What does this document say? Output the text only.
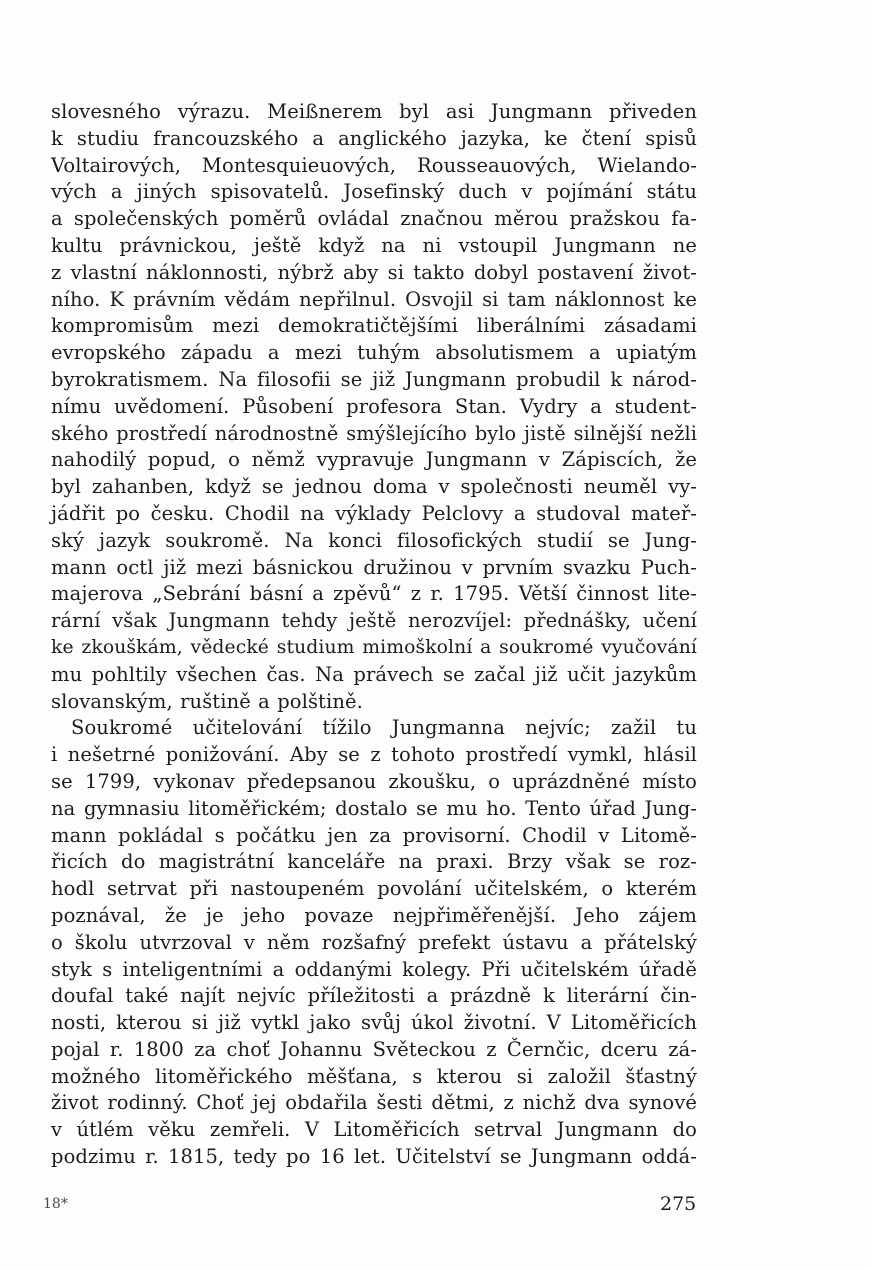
slovesného výrazu. Meißnerem byl asi Jungmann přiveden
k studiu francouzského a anglického jazyka, ke čtení spisů
Voltairových, Montesquieuových, Rousseauových, Wielando-
vých a jiných spisovatelů. Josefinský duch v pojímání státu
a společenských poměrů ovládal značnou měrou pražskou fa-
kultu právnickou, ještě když na ni vstoupil Jungmann ne
z vlastní náklonnosti, nýbrž aby si takto dobyl postavení život-
ního. K právním vědám nepřilnul. Osvojil si tam náklonnost ke
kompromisům mezi demokratičtějšími liberálními zásadami
evropského západu a mezi tuhým absolutismem a upiatým
byrokratismem. Na filosofii se již Jungmann probudil k národ-
nímu uvědomení. Působení profesora Stan. Vydry a student-
ského prostředí národnostně smýšlejícího bylo jistě silnější nežli
nahodilý popud, o němž vypravuje Jungmann v Zápiscích, že
byl zahanben, když se jednou doma v společnosti neuměl vy-
jádřit po česku. Chodil na výklady Pelclovy a studoval mateř-
ský jazyk soukromě. Na konci filosofických studií se Jung-
mann octl již mezi básnickou družinou v prvním svazku Puch-
majerova „Sebrání básní a zpěvů“ z r. 1795. Větší činnost lite-
rární však Jungmann tehdy ještě nerozvíjel: přednášky, učení
ke zkouškám, vědecké studium mimoškolní a soukromé vyučování
mu pohltily všechen čas. Na právech se začal již učit jazykům
slovanským, ruštině a polštině.
Soukromé učitelování tížilo Jungmanna nejvíc; zažil tu
i nešetrné ponižování. Aby se z tohoto prostředí vymkl, hlásil
se 1799, vykonav předepsanou zkoušku, o uprázdněné místo
na gymnasiu litoměřickém; dostalo se mu ho. Tento úřad Jung-
mann pokládal s počátku jen za provisorní. Chodil v Litomě-
řicích do magistrátní kanceláře na praxi. Brzy však se roz-
hodl setrvat při nastoupeném povolání učitelském, o kterém
poznával, že je jeho povaze nejpřiměřenější. Jeho zájem
o školu utvrzoval v něm rozšafný prefekt ústavu a přátelský
styk s inteligentními a oddanými kolegy. Při učitelském úřadě
doufal také najít nejvíc příležitosti a prázdně k literární čin-
nosti, kterou si již vytkl jako svůj úkol životní. V Litoměřicích
pojal r. 1800 za choť Johannu Světeckou z Černčic, dceru zá-
možného litoměřického měšťana, s kterou si založil šťastný
život rodinný. Choť jej obdařila šesti dětmi, z nichž dva synové
v útlém věku zemřeli. V Litoměřicích setrval Jungmann do
podzimu r. 1815, tedy po 16 let. Učitelství se Jungmann oddá-
18*	275
